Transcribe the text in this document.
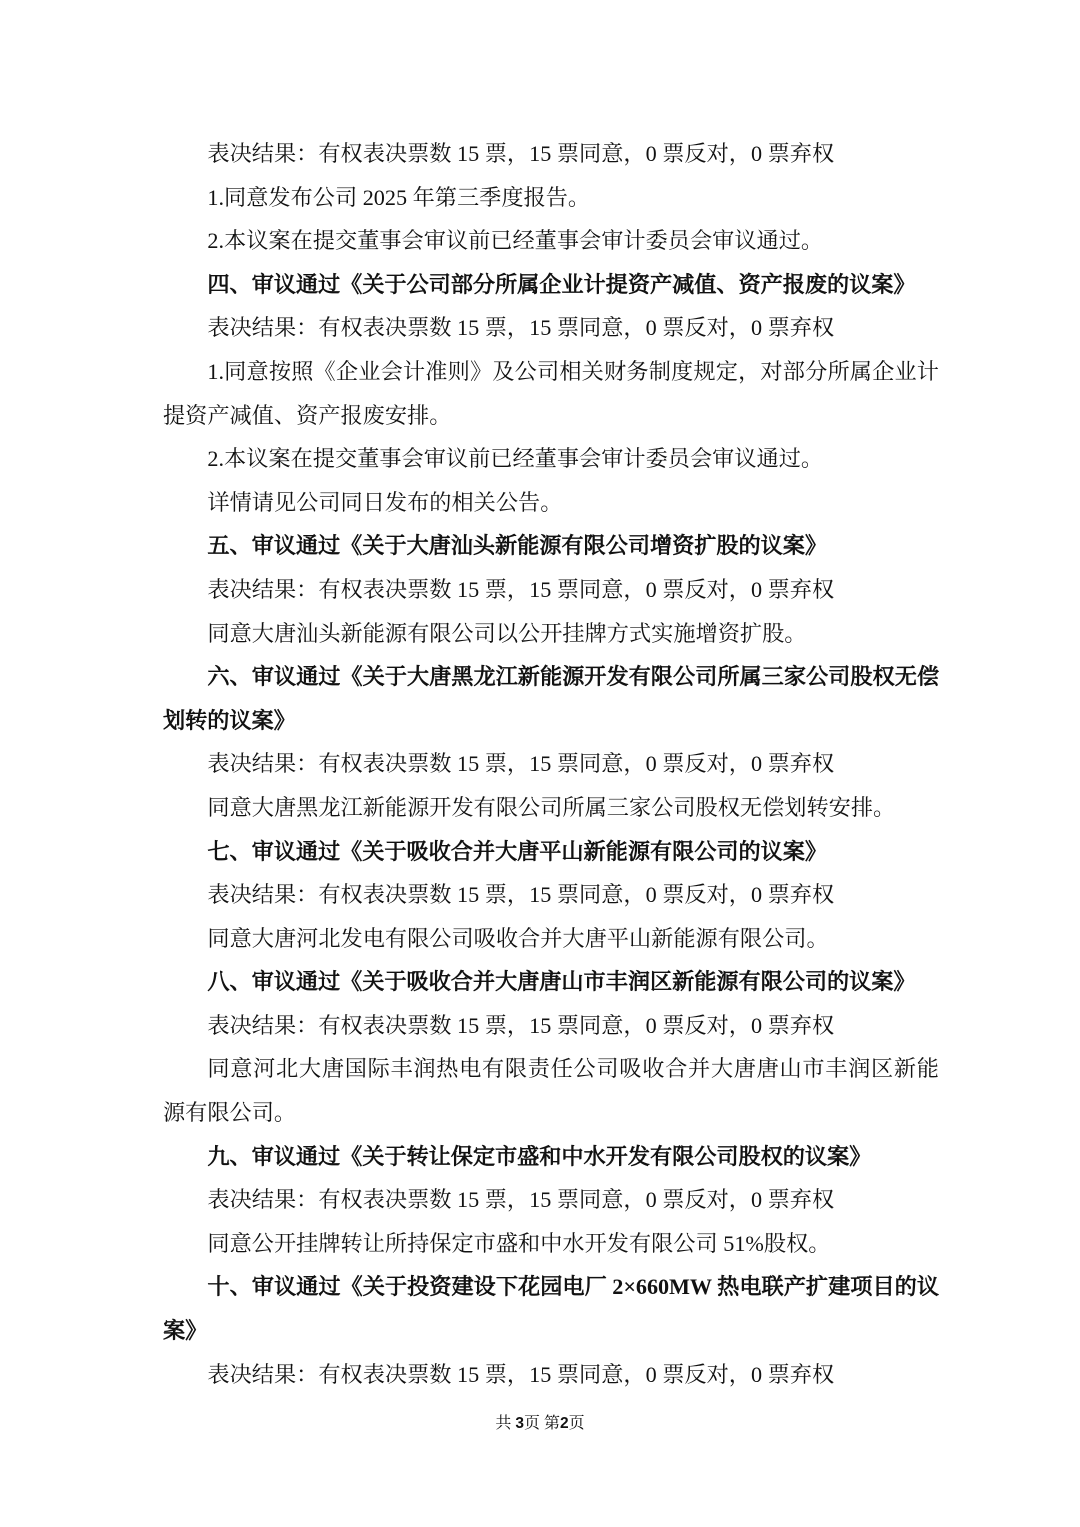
表决结果：有权表决票数 15 票，15 票同意，0 票反对，0 票弃权

1.同意发布公司 2025 年第三季度报告。

2.本议案在提交董事会审议前已经董事会审计委员会审议通过。

四、审议通过《关于公司部分所属企业计提资产减值、资产报废的议案》

表决结果：有权表决票数 15 票，15 票同意，0 票反对，0 票弃权

1.同意按照《企业会计准则》及公司相关财务制度规定，对部分所属企业计提资产减值、资产报废安排。

2.本议案在提交董事会审议前已经董事会审计委员会审议通过。

详情请见公司同日发布的相关公告。

五、审议通过《关于大唐汕头新能源有限公司增资扩股的议案》

表决结果：有权表决票数 15 票，15 票同意，0 票反对，0 票弃权

同意大唐汕头新能源有限公司以公开挂牌方式实施增资扩股。

六、审议通过《关于大唐黑龙江新能源开发有限公司所属三家公司股权无偿划转的议案》

表决结果：有权表决票数 15 票，15 票同意，0 票反对，0 票弃权

同意大唐黑龙江新能源开发有限公司所属三家公司股权无偿划转安排。

七、审议通过《关于吸收合并大唐平山新能源有限公司的议案》

表决结果：有权表决票数 15 票，15 票同意，0 票反对，0 票弃权

同意大唐河北发电有限公司吸收合并大唐平山新能源有限公司。

八、审议通过《关于吸收合并大唐唐山市丰润区新能源有限公司的议案》

表决结果：有权表决票数 15 票，15 票同意，0 票反对，0 票弃权

同意河北大唐国际丰润热电有限责任公司吸收合并大唐唐山市丰润区新能源有限公司。

九、审议通过《关于转让保定市盛和中水开发有限公司股权的议案》

表决结果：有权表决票数 15 票，15 票同意，0 票反对，0 票弃权

同意公开挂牌转让所持保定市盛和中水开发有限公司 51%股权。

十、审议通过《关于投资建设下花园电厂 2×660MW 热电联产扩建项目的议案》

表决结果：有权表决票数 15 票，15 票同意，0 票反对，0 票弃权

共 3页 第2页
